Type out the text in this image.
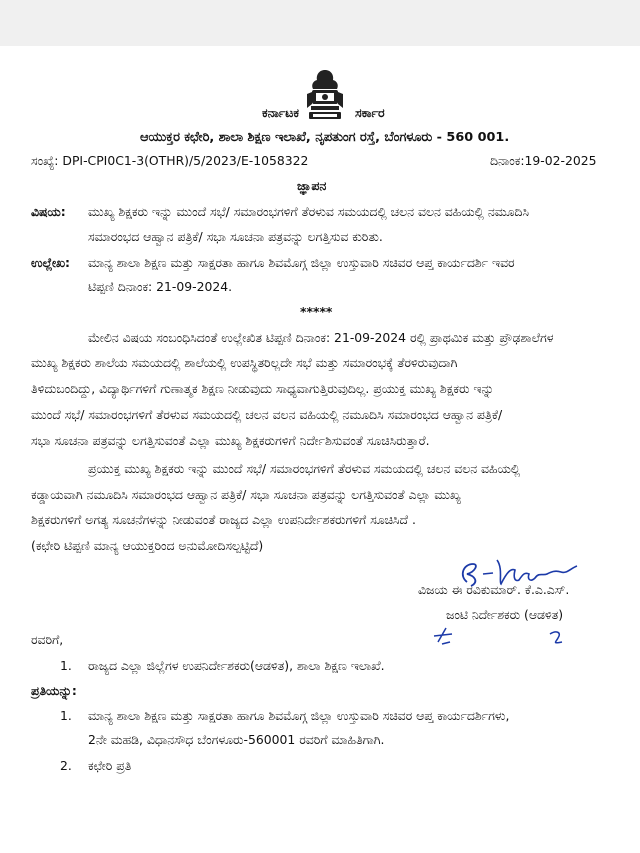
ಕರ್ನಾಟಕ	ಸರ್ಕಾರ
ಆಯುಕ್ತರ ಕಛೇರಿ, ಶಾಲಾ ಶಿಕ್ಷಣ ಇಲಾಖೆ, ನೃಪತುಂಗ ರಸ್ತೆ, ಬೆಂಗಳೂರು - 560 001.
ಸಂಖ್ಯೆ: DPI-CPI0C1-3(OTHR)/5/2023/E-1058322	ದಿನಾಂಕ:19-02-2025
ಜ್ಞಾಪನ
ವಿಷಯ: ಮುಖ್ಯ ಶಿಕ್ಷಕರು ಇನ್ನು ಮುಂದೆ ಸಭೆ/ ಸಮಾರಂಭಗಳಿಗೆ ತೆರಳುವ ಸಮಯದಲ್ಲಿ ಚಲನ ವಲನ ವಹಿಯಲ್ಲಿ ನಮೂದಿಸಿ
ಸಮಾರಂಭದ ಆಹ್ವಾನ ಪತ್ರಿಕೆ/ ಸಭಾ ಸೂಚನಾ ಪತ್ರವನ್ನು ಲಗತ್ತಿಸುವ ಕುರಿತು.
ಉಲ್ಲೇಖ: ಮಾನ್ಯ ಶಾಲಾ ಶಿಕ್ಷಣ ಮತ್ತು ಸಾಕ್ಷರತಾ ಹಾಗೂ ಶಿವಮೊಗ್ಗ ಜಿಲ್ಲಾ ಉಸ್ತುವಾರಿ ಸಚಿವರ ಆಪ್ತ ಕಾರ್ಯದರ್ಶಿ ಇವರ
ಟಿಪ್ಪಣಿ ದಿನಾಂಕ: 21-09-2024.
*****
ಮೇಲಿನ ವಿಷಯ ಸಂಬಂಧಿಸಿದಂತೆ ಉಲ್ಲೇಖಿತ ಟಿಪ್ಪಣಿ ದಿನಾಂಕ: 21-09-2024 ರಲ್ಲಿ ಪ್ರಾಥಮಿಕ ಮತ್ತು ಪ್ರೌಢಶಾಲೆಗಳ
ಮುಖ್ಯ ಶಿಕ್ಷಕರು ಶಾಲೆಯ ಸಮಯದಲ್ಲಿ ಶಾಲೆಯಲ್ಲಿ ಉಪಸ್ಥಿತರಿಲ್ಲದೇ ಸಭೆ ಮತ್ತು ಸಮಾರಂಭಕ್ಕೆ ತೆರಳಿರುವುದಾಗಿ
ತಿಳಿದುಬಂದಿದ್ದು, ವಿದ್ಯಾರ್ಥಿಗಳಿಗೆ ಗುಣಾತ್ಮಕ ಶಿಕ್ಷಣ ನೀಡುವುದು ಸಾಧ್ಯವಾಗುತ್ತಿರುವುದಿಲ್ಲ. ಪ್ರಯುಕ್ತ ಮುಖ್ಯ ಶಿಕ್ಷಕರು ಇನ್ನು
ಮುಂದೆ ಸಭೆ/ ಸಮಾರಂಭಗಳಿಗೆ ತೆರಳುವ ಸಮಯದಲ್ಲಿ ಚಲನ ವಲನ ವಹಿಯಲ್ಲಿ ನಮೂದಿಸಿ ಸಮಾರಂಭದ ಆಹ್ವಾನ ಪತ್ರಿಕೆ/
ಸಭಾ ಸೂಚನಾ ಪತ್ರವನ್ನು ಲಗತ್ತಿಸುವಂತೆ ಎಲ್ಲಾ ಮುಖ್ಯ ಶಿಕ್ಷಕರುಗಳಿಗೆ ನಿರ್ದೇಶಿಸುವಂತೆ ಸೂಚಿಸಿರುತ್ತಾರೆ.
ಪ್ರಯುಕ್ತ ಮುಖ್ಯ ಶಿಕ್ಷಕರು ಇನ್ನು ಮುಂದೆ ಸಭೆ/ ಸಮಾರಂಭಗಳಿಗೆ ತೆರಳುವ ಸಮಯದಲ್ಲಿ ಚಲನ ವಲನ ವಹಿಯಲ್ಲಿ
ಕಡ್ಡಾಯವಾಗಿ ನಮೂದಿಸಿ ಸಮಾರಂಭದ ಆಹ್ವಾನ ಪತ್ರಿಕೆ/ ಸಭಾ ಸೂಚನಾ ಪತ್ರವನ್ನು ಲಗತ್ತಿಸುವಂತೆ ಎಲ್ಲಾ ಮುಖ್ಯ
ಶಿಕ್ಷಕರುಗಳಿಗೆ ಅಗತ್ಯ ಸೂಚನೆಗಳನ್ನು ನೀಡುವಂತೆ ರಾಜ್ಯದ ಎಲ್ಲಾ ಉಪನಿರ್ದೇಶಕರುಗಳಿಗೆ ಸೂಚಿಸಿದೆ .
(ಕಛೇರಿ ಟಿಪ್ಪಣಿ ಮಾನ್ಯ ಆಯುಕ್ತರಿಂದ ಅನುಮೋದಿಸಲ್ಪಟ್ಟಿದೆ)
ವಿಜಯ ಈ ರವಿಕುಮಾರ್. ಕೆ.ಎ.ಎಸ್.
ಜಂಟಿ ನಿರ್ದೇಶಕರು (ಆಡಳಿತ)
ರವರಿಗೆ,
1. ರಾಜ್ಯದ ಎಲ್ಲಾ ಜಿಲ್ಲೆಗಳ ಉಪನಿರ್ದೇಶಕರು(ಆಡಳಿತ), ಶಾಲಾ ಶಿಕ್ಷಣ ಇಲಾಖೆ.
ಪ್ರತಿಯನ್ನು:
1. ಮಾನ್ಯ ಶಾಲಾ ಶಿಕ್ಷಣ ಮತ್ತು ಸಾಕ್ಷರತಾ ಹಾಗೂ ಶಿವಮೊಗ್ಗ ಜಿಲ್ಲಾ ಉಸ್ತುವಾರಿ ಸಚಿವರ ಆಪ್ತ ಕಾರ್ಯದರ್ಶಿಗಳು,
2ನೇ ಮಹಡಿ, ವಿಧಾನಸೌಧ ಬೆಂಗಳೂರು-560001 ರವರಿಗೆ ಮಾಹಿತಿಗಾಗಿ.
2. ಕಛೇರಿ ಪ್ರತಿ
